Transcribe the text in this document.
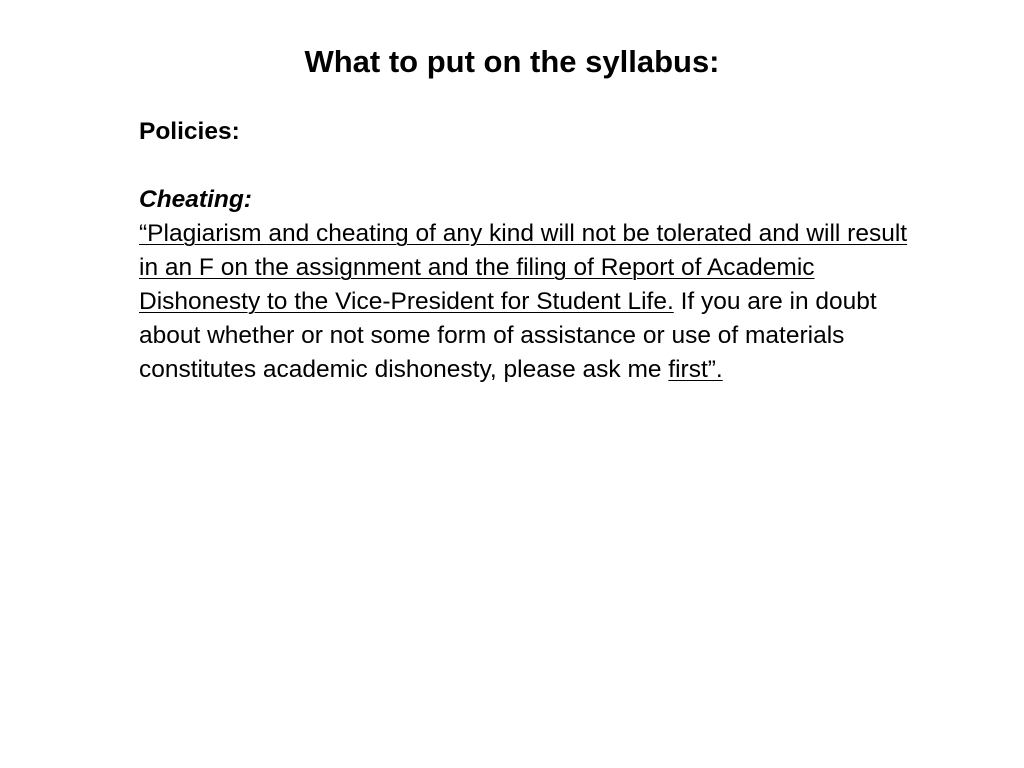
What to put on the syllabus:

Policies:

Cheating:

“Plagiarism and cheating of any kind will not be tolerated and will result in an F on the assignment and the filing of Report of Academic Dishonesty to the Vice-President for Student Life. If you are in doubt about whether or not some form of assistance or use of materials constitutes academic dishonesty, please ask me first”.
